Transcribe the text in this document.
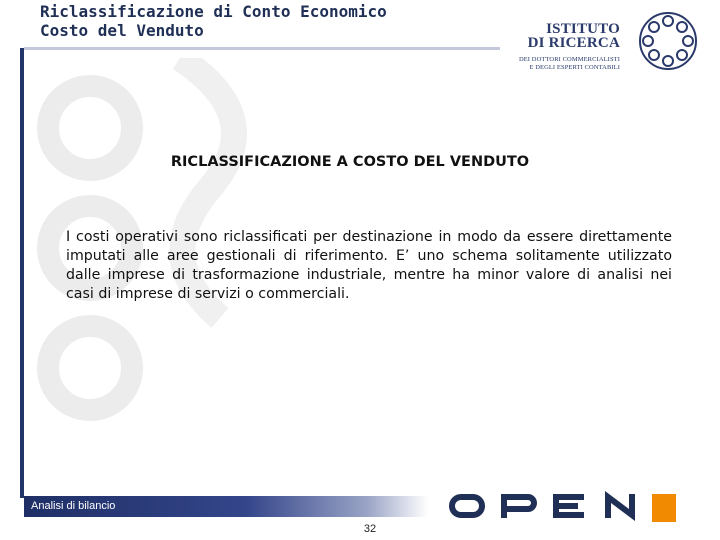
Riclassificazione di Conto Economico
Costo del Venduto	ISTITUTO
DI RICERCA
DEI DOTTORI COMMERCIALISTI
E DEGLI ESPERTI CONTABILI
RICLASSIFICAZIONE A COSTO DEL VENDUTO

I costi operativi sono riclassificati per destinazione in modo da essere direttamente imputati alle aree gestionali di riferimento. E’ uno schema solitamente utilizzato dalle imprese di trasformazione industriale, mentre ha minor valore di analisi nei casi di imprese di servizi o commerciali.

Analisi di bilancio
32
